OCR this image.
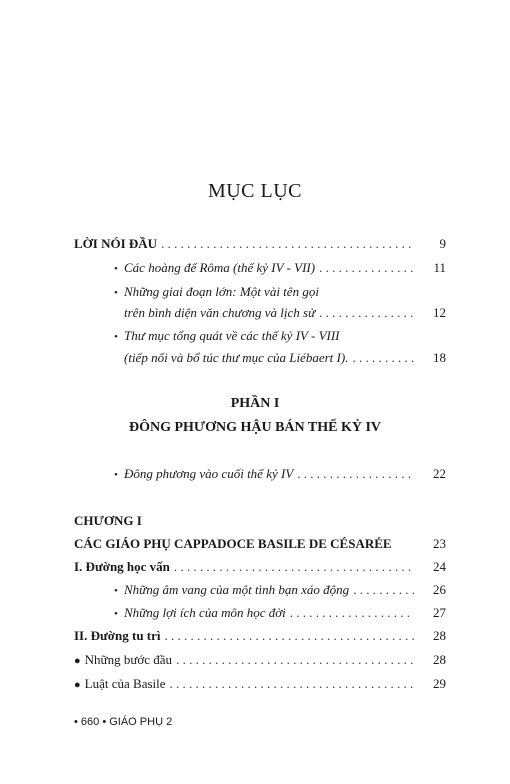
MỤC LỤC
LỜI NÓI ĐẦU . . .	9
• Các hoàng đế Rôma (thế kỷ IV - VII) . . .	11
• Những giai đoạn lớn: Một vài tên gọi
trên bình diện văn chương và lịch sử . . .	12
• Thư mục tổng quát về các thế kỷ IV - VIII
(tiếp nối và bổ túc thư mục của Liébaert I). . . .	18
PHẦN I
ĐÔNG PHƯƠNG HẬU BÁN THẾ KỶ IV
• Đông phương vào cuối thế kỷ IV . . .	22
CHƯƠNG I
CÁC GIÁO PHỤ CAPPADOCE BASILE DE CÉSARÉE	23
I. Đường học vấn . . .	24
• Những âm vang của một tình bạn xáo động . . .	26
• Những lợi ích của môn học đời . . .	27
II. Đường tu trì . . .	28
● Những bước đầu . . .	28
● Luật của Basile . . .	29
• 660 • GIÁO PHỤ 2
